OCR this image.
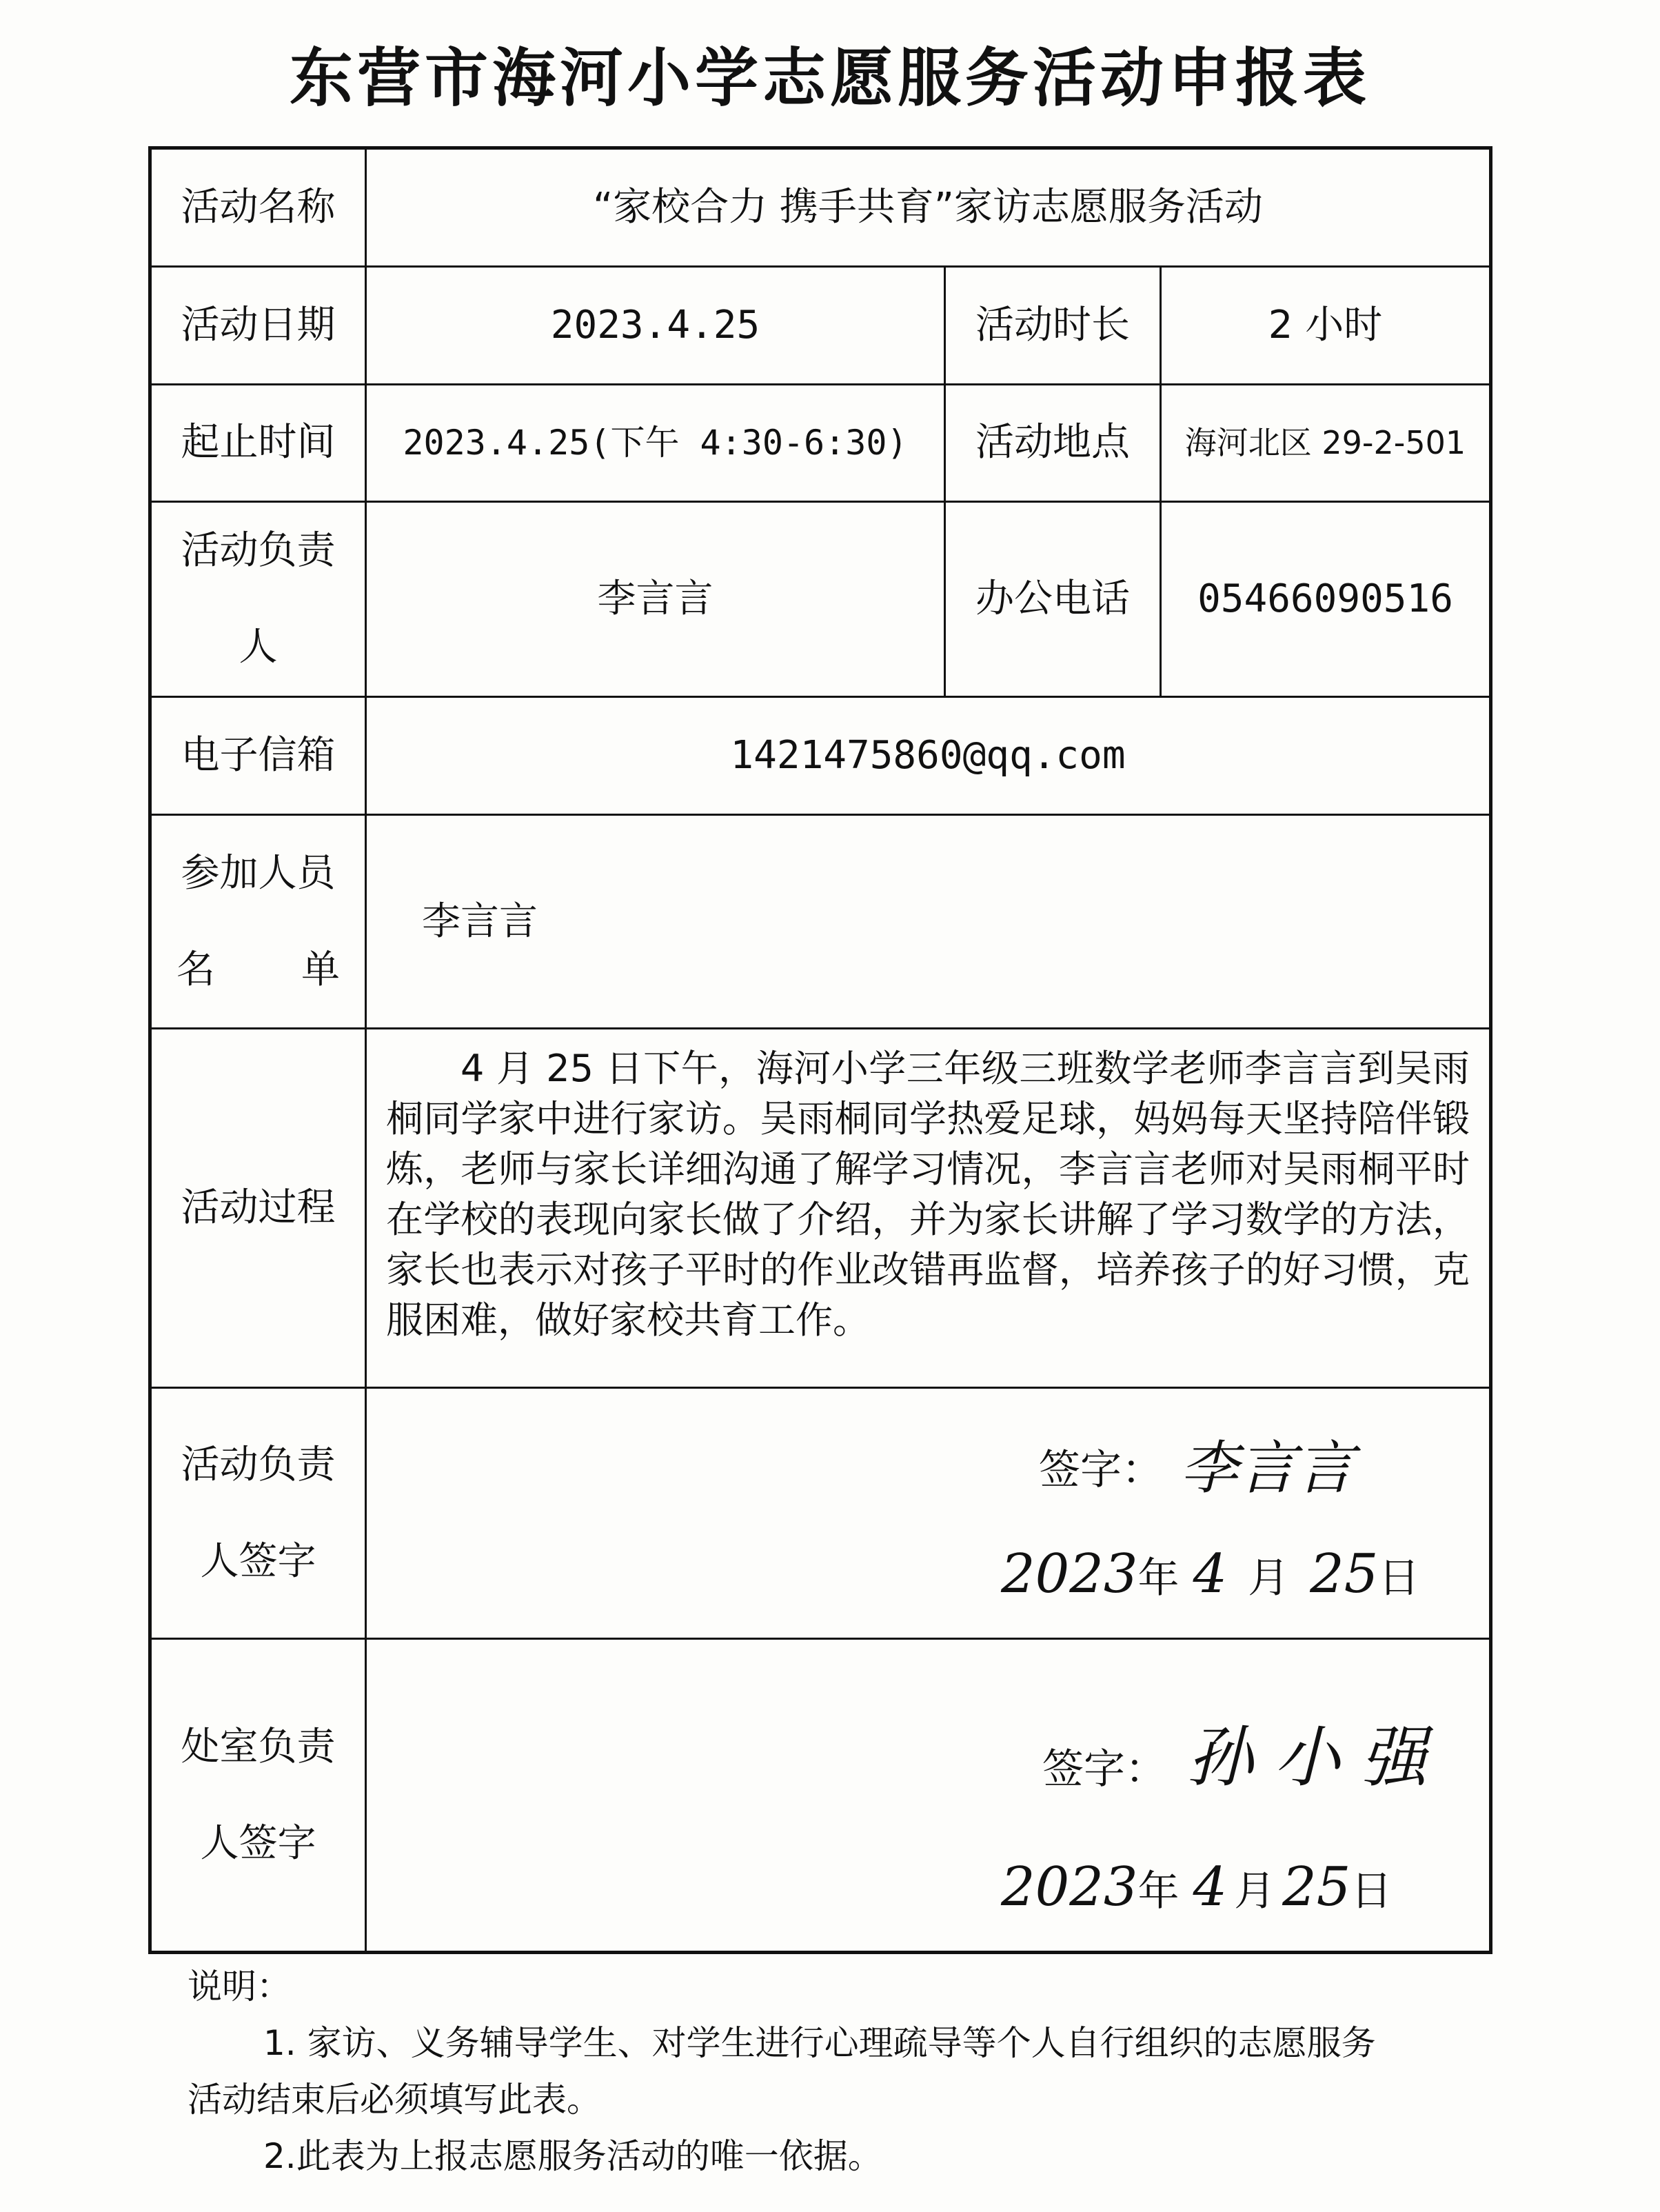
东营市海河小学志愿服务活动申报表
活动名称	“家校合力 携手共育”家访志愿服务活动		
活动日期	2023.4.25	活动时长	2 小时
起止时间	2023.4.25(下午 4:30-6:30)	活动地点	海河北区 29-2-501

活动负责
人	李言言	办公电话	05466090516
电子信箱	1421475860@qq.com		

参加人员
名 单	李言言		
活动过程	4 月 25 日下午，海河小学三年级三班数学老师李言言到吴雨桐同学家中进行家访。吴雨桐同学热爱足球，妈妈每天坚持陪伴锻炼，老师与家长详细沟通了解学习情况，李言言老师对吴雨桐平时在学校的表现向家长做了介绍，并为家长讲解了学习数学的方法，家长也表示对孩子平时的作业改错再监督，培养孩子的好习惯，克服困难，做好家校共育工作。		

活动负责
人签字	签字： 李言言
2023年 4 月 25日		

处室负责
人签字	签字： 孙小强
2023年 4 月 25日		
说明：
1. 家访、义务辅导学生、对学生进行心理疏导等个人自行组织的志愿服务
活动结束后必须填写此表。
2.此表为上报志愿服务活动的唯一依据。
